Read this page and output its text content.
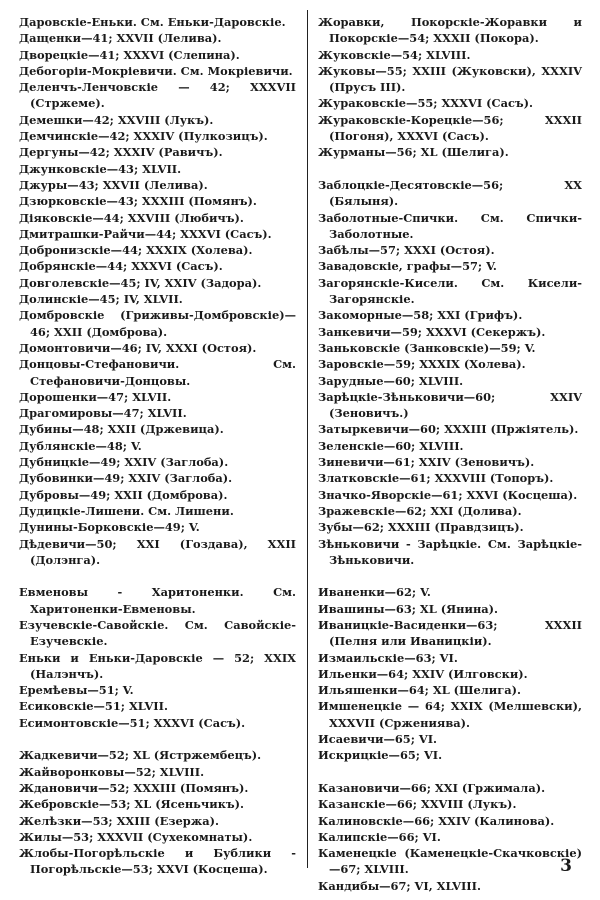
Даровскіе-Еньки. См. Еньки-Даровскіе.

Дащенки—41; XXVII (Лелива).

Дворецкіе—41; XXXVI (Слепина).

Дебогоріи-Мокріевичи. См. Мокріевичи.

Деленчъ-Ленчовскіе — 42; XXXVII (Стржеме).

Демешки—42; XXVIII (Лукъ).

Демчинскіе—42; XXXIV (Пулкозицъ).

Дергуны—42; XXXIV (Равичъ).

Джунковскіе—43; XLVII.

Джуры—43; XXVII (Лелива).

Дзюрковскіе—43; XXXIII (Помянъ).

Діяковскіе—44; XXVIII (Любичъ).

Дмитрашки-Райчи—44; XXXVI (Сасъ).

Добронизскіе—44; XXXIX (Холева).

Добрянскіе—44; XXXVI (Сасъ).

Довголевскіе—45; IV, XXIV (Задора).

Долинскіе—45; IV, XLVII.

Домбровскіе (Гриживы-Домбровскіе)—46; XXII (Домброва).

Домонтовичи—46; IV, XXXI (Остоя).

Донцовы-Стефановичи. См. Стефановичи-Донцовы.

Дорошенки—47; XLVII.

Драгомировы—47; XLVII.

Дубины—48; XXII (Држевица).

Дублянскіе—48; V.

Дубницкіе—49; XXIV (Заглоба).

Дубовинки—49; XXIV (Заглоба).

Дубровы—49; XXII (Домброва).

Дудицкіе-Лишени. См. Лишени.

Дунины-Борковскіе—49; V.

Дѣдевичи—50; XXI (Гоздава), XXII (Долэнга).

Евменовы - Харитоненки. См. Харитоненки-Евменовы.

Езучевскіе-Савойскіе. См. Савойскіе-Езучевскіе.

Еньки и Еньки-Даровскіе — 52; XXIX (Налэнчъ).

Еремѣевы—51; V.

Есиковскіе—51; XLVII.

Есимонтовскіе—51; XXXVI (Сасъ).

Жадкевичи—52; XL (Ястржембецъ).

Жайворонковы—52; XLVIII.

Ждановичи—52; XXXIII (Помянъ).

Жебровскіе—53; XL (Ясеньчикъ).

Желѣзки—53; XXIII (Езержа).

Жилы—53; XXXVII (Сухекомнаты).

Жлобы-Погорѣльскіе и Бублики - Погорѣльскіе—53; XXVI (Косцеша).

Жоравки, Покорскіе-Жоравки и Покорскіе—54; XXXII (Покора).

Жуковскіе—54; XLVIII.

Жуковы—55; XXIII (Жуковски), XXXIV (Прусъ III).

Жураковскіе—55; XXXVI (Сасъ).

Жураковскіе-Корецкіе—56; XXXII (Погоня), XXXVI (Сасъ).

Журманы—56; XL (Шелига).

Заблоцкіе-Десятовскіе—56; XX (Бялыня).

Заболотные-Спички. См. Спички-Заболотные.

Забѣлы—57; XXXI (Остоя).

Завадовскіе, графы—57; V.

Загорянскіе-Кисели. См. Кисели-Загорянскіе.

Закоморные—58; XXI (Грифъ).

Занкевичи—59; XXXVI (Секержъ).

Заньковскіе (Занковскіе)—59; V.

Заровскіе—59; XXXIX (Холева).

Зарудные—60; XLVIII.

Зарѣцкіе-Зѣньковичи—60; XXIV (Зеновичъ.)

Затыркевичи—60; XXXIII (Пржіятель).

Зеленскіе—60; XLVIII.

Зиневичи—61; XXIV (Зеновичъ).

Златковскіе—61; XXXVIII (Топоръ).

Значко-Яворскіе—61; XXVI (Косцеша).

Зражевскіе—62; XXI (Долива).

Зубы—62; XXXIII (Правдзицъ).

Зѣньковичи - Зарѣцкіе. См. Зарѣцкіе-Зѣньковичи.

Иваненки—62; V.

Ивашины—63; XL (Янина).

Иваницкіе-Васиденки—63; XXXII (Пелня или Иваницкіи).

Измаильскіе—63; VI.

Ильенки—64; XXIV (Илговски).

Ильяшенки—64; XL (Шелига).

Имшенецкіе — 64; XXIX (Мелшевски), XXXVII (Сржениява).

Исаевичи—65; VI.

Искрицкіе—65; VI.

Казановичи—66; XXI (Гржимала).

Казанскіе—66; XXVIII (Лукъ).

Калиновскіе—66; XXIV (Калинова).

Калипскіе—66; VI.

Каменецкіе (Каменецкіе-Скачковскіе)—67; XLVIII.

Кандибы—67; VI, XLVIII.

3
